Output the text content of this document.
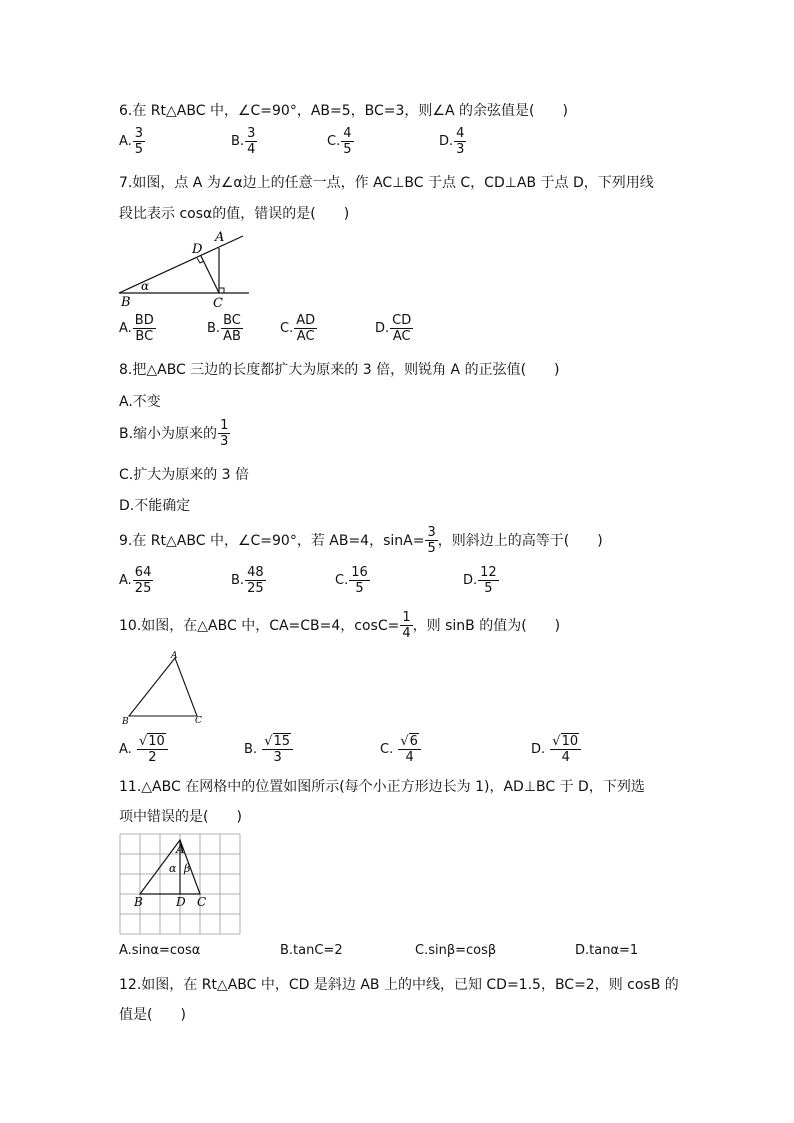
6.在 Rt△ABC 中，∠C=90°，AB=5，BC=3，则∠A 的余弦值是(　　)
A. $\frac{3}{5}$	B. $\frac{3}{4}$	C. $\frac{4}{5}$	D. $\frac{4}{3}$
7.如图，点 A 为∠α边上的任意一点，作 AC⊥BC 于点 C，CD⊥AB 于点 D，下列用线
段比表示 cosα的值，错误的是(　　)
B	C
D
A
α
A. $\frac{BD}{BC}$	B. $\frac{BC}{AB}$	C. $\frac{AD}{AC}$	D. $\frac{CD}{AC}$
8.把△ABC 三边的长度都扩大为原来的 3 倍，则锐角 A 的正弦值(　　)
A.不变
B.缩小为原来的 $\frac{1}{3}$
C.扩大为原来的 3 倍
D.不能确定
9.在 Rt△ABC 中，∠C=90°，若 AB=4，$\sin A= \frac{3}{5}$ ，则斜边上的高等于(　　)
A. $\frac{64}{25}$	B. $\frac{48}{25}$	C. $\frac{16}{5}$	D. $\frac{12}{5}$
10.如图，在△ABC 中，CA=CB=4，$\cos C= \frac{1}{4}$ ，则 sinB 的值为(　　)
A
B	C
A. $\frac{√10}{2}$	B. $\frac{√15}{3}$	C. $\frac{√6}{4}$	D. $\frac{√10}{4}$
11.△ABC 在网格中的位置如图所示(每个小正方形边长为 1)，AD⊥BC 于 D，下列选
项中错误的是(　　)
A
α β
B	D C
A.sinα=cosα	B.tanC=2	C.sinβ=cosβ	D.tanα=1
12.如图，在 Rt△ABC 中，CD 是斜边 AB 上的中线，已知 CD=1.5，BC=2，则 cosB 的
值是(　　)
